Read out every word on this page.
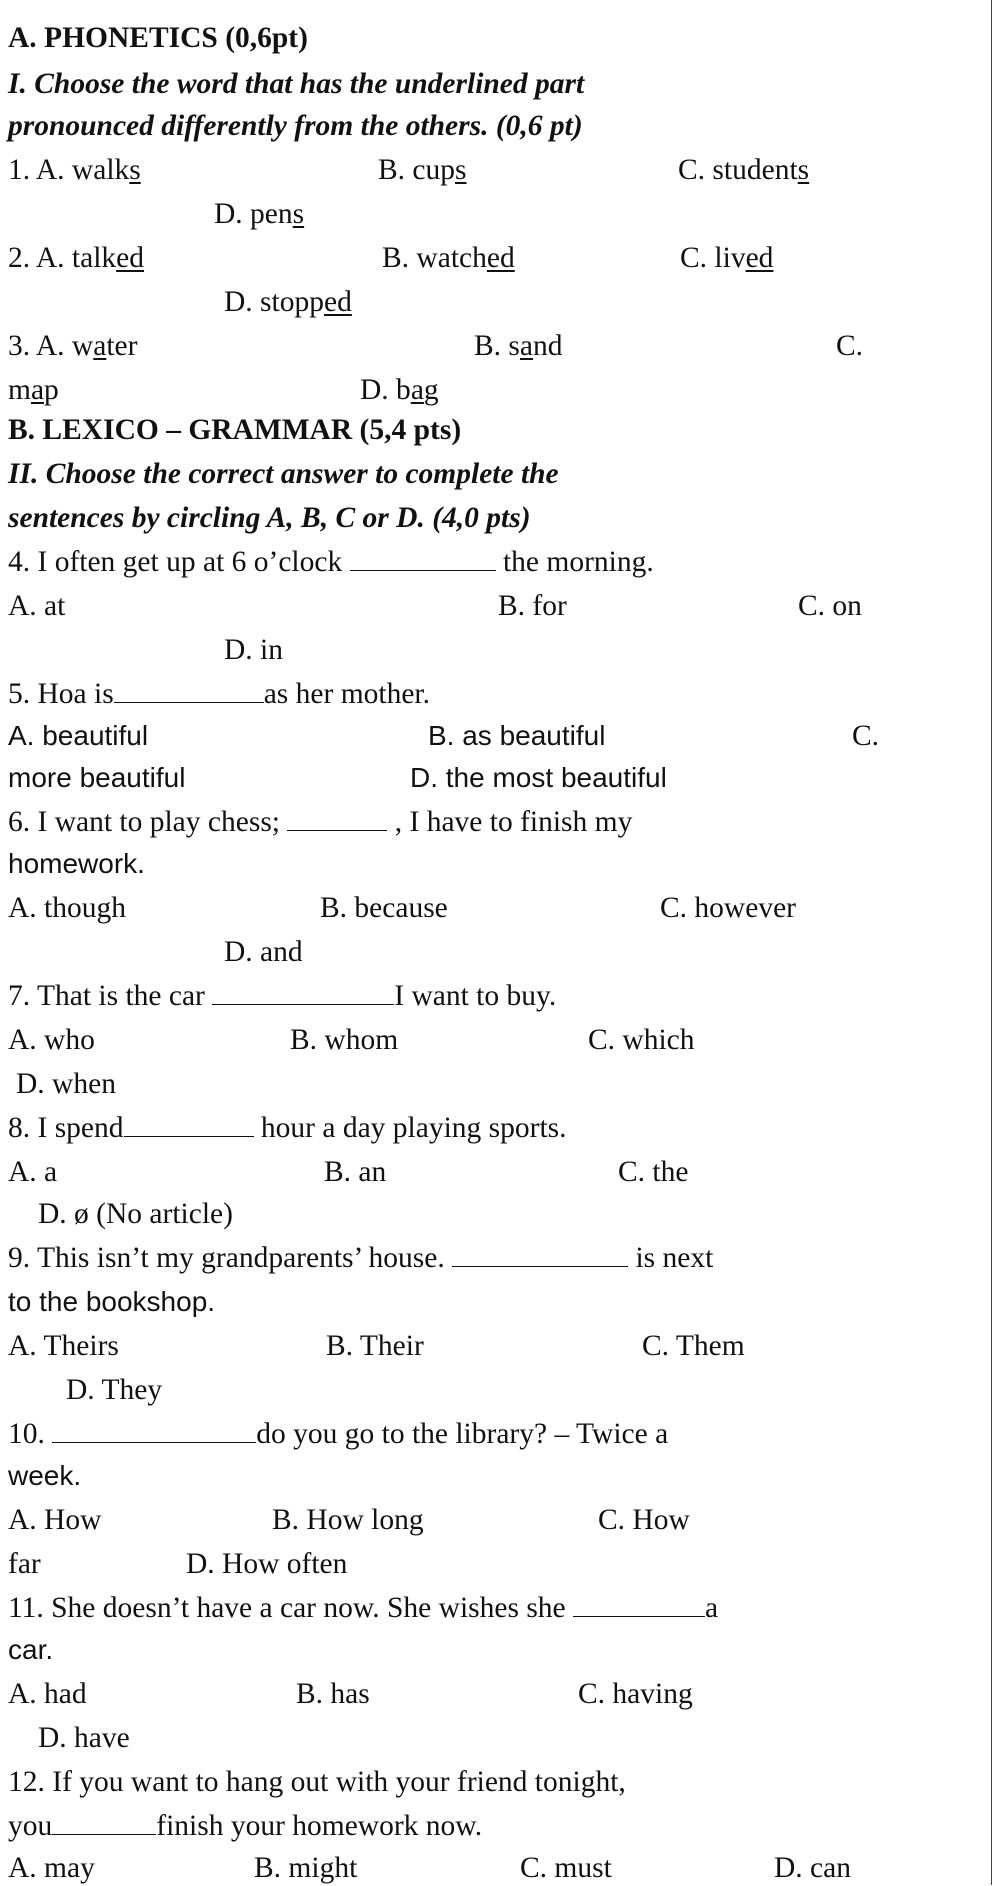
A. PHONETICS (0,6pt)
I. Choose the word that has the underlined part
pronounced differently from the others. (0,6 pt)
1. A. walks	B. cups	C. students
D. pens
2. A. talked	B. watched	C. lived
D. stopped
3. A. water	B. sand	C.
map	D. bag
B. LEXICO – GRAMMAR (5,4 pts)
II. Choose the correct answer to complete the
sentences by circling A, B, C or D. (4,0 pts)
4. I often get up at 6 o’clock	the morning.
A. at	B. for	C. on
D. in
5. Hoa is	as her mother.
A. beautiful	B. as beautiful	C.
more beautiful	D. the most beautiful
6. I want to play chess;	, I have to finish my
homework.
A. though	B. because	C. however
D. and
7. That is the car	I want to buy.
A. who	B. whom	C. which
D. when
8. I spend	hour a day playing sports.
A. a	B. an	C. the
D. ø (No article)
9. This isn’t my grandparents’ house.	is next
to the bookshop.
A. Theirs	B. Their	C. Them
D. They
10.	do you go to the library? – Twice a
week.
A. How	B. How long	C. How
far	D. How often
11. She doesn’t have a car now. She wishes she	a
car.
A. had	B. has	C. having
D. have
12. If you want to hang out with your friend tonight,
you	finish your homework now.
A. may	B. might	C. must	D. can
